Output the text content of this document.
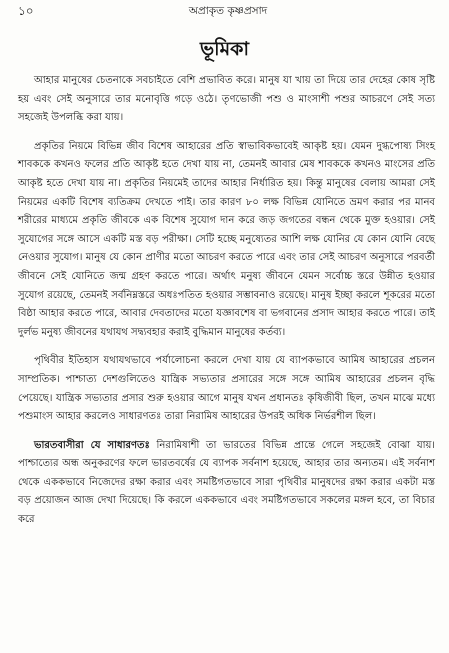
১০	অপ্রাকৃত কৃষ্ণপ্রসাদ
ভূমিকা

আহার মানুষের চেতনাকে সবচাইতে বেশি প্রভাবিত করে। মানুষ যা খায় তা দিয়ে তার দেহের কোষ সৃষ্টি হয় এবং সেই অনুসারে তার মনোবৃত্তি গড়ে ওঠে। তৃণভোজী পশু ও মাংসাশী পশুর আচরণে সেই সত্য সহজেই উপলব্ধি করা যায়।

প্রকৃতির নিয়মে বিভিন্ন জীব বিশেষ আহারের প্রতি স্বাভাবিকভাবেই আকৃষ্ট হয়। যেমন দুগ্ধপোষ্য সিংহ শাবককে কখনও ফলের প্রতি আকৃষ্ট হতে দেখা যায় না, তেমনই আবার মেষ শাবককে কখনও মাংসের প্রতি আকৃষ্ট হতে দেখা যায় না। প্রকৃতির নিয়মেই তাদের আহার নির্ধারিত হয়। কিন্তু মানুষের বেলায় আমরা সেই নিয়মের একটি বিশেষ ব্যতিক্রম দেখতে পাই। তার কারণ ৮০ লক্ষ বিভিন্ন যোনিতে ভ্রমণ করার পর মানব শরীরের মাধ্যমে প্রকৃতি জীবকে এক বিশেষ সুযোগ দান করে জড় জগতের বন্ধন থেকে মুক্ত হওয়ার। সেই সুযোগের সঙ্গে আসে একটি মস্ত বড় পরীক্ষা। সেটি হচ্ছে মনুষ্যেতর আশি লক্ষ যোনির যে কোন যোনি বেছে নেওয়ার সুযোগ। মানুষ যে কোন প্রাণীর মতো আচরণ করতে পারে এবং তার সেই আচরণ অনুসারে পরবর্তী জীবনে সেই যোনিতে জন্ম গ্রহণ করতে পারে। অর্থাৎ মনুষ্য জীবনে যেমন সর্বোচ্চ স্তরে উন্নীত হওয়ার সুযোগ রয়েছে, তেমনই সর্বনিম্নস্তরে অধঃপতিত হওয়ার সম্ভাবনাও রয়েছে। মানুষ ইচ্ছা করলে শূকরের মতো বিষ্ঠা আহার করতে পারে, আবার দেবতাদের মতো যজ্ঞাবশেষ বা ভগবানের প্রসাদ আহার করতে পারে। তাই দুর্লভ মনুষ্য জীবনের যথাযথ সদ্ব্যবহার করাই বুদ্ধিমান মানুষের কর্তব্য।

পৃথিবীর ইতিহাস যথাযথভাবে পর্যালোচনা করলে দেখা যায় যে ব্যাপকভাবে আমিষ আহারের প্রচলন সাম্প্রতিক। পাশ্চাত্য দেশগুলিতেও যান্ত্রিক সভ্যতার প্রসারের সঙ্গে সঙ্গে আমিষ আহারের প্রচলন বৃদ্ধি পেয়েছে। যান্ত্রিক সভ্যতার প্রসার শুরু হওয়ার আগে মানুষ যখন প্রধানতঃ কৃষিজীবী ছিল, তখন মাঝে মধ্যে পশুমাংস আহার করলেও সাধারণতঃ তারা নিরামিষ আহারের উপরই অধিক নির্ভরশীল ছিল।

ভারতবাসীরা যে সাধারণতঃ নিরামিষাশী তা ভারতের বিভিন্ন প্রান্তে গেলে সহজেই বোঝা যায়। পাশ্চাত্যের অন্ধ অনুকরণের ফলে ভারতবর্ষের যে ব্যাপক সর্বনাশ হয়েছে, আহার তার অন্যতম। এই সর্বনাশ থেকে এককভাবে নিজেদের রক্ষা করার এবং সমষ্টিগতভাবে সারা পৃথিবীর মানুষদের রক্ষা করার একটা মস্ত বড় প্রয়োজন আজ দেখা দিয়েছে। কি করলে এককভাবে এবং সমষ্টিগতভাবে সকলের মঙ্গল হবে, তা বিচার করে
